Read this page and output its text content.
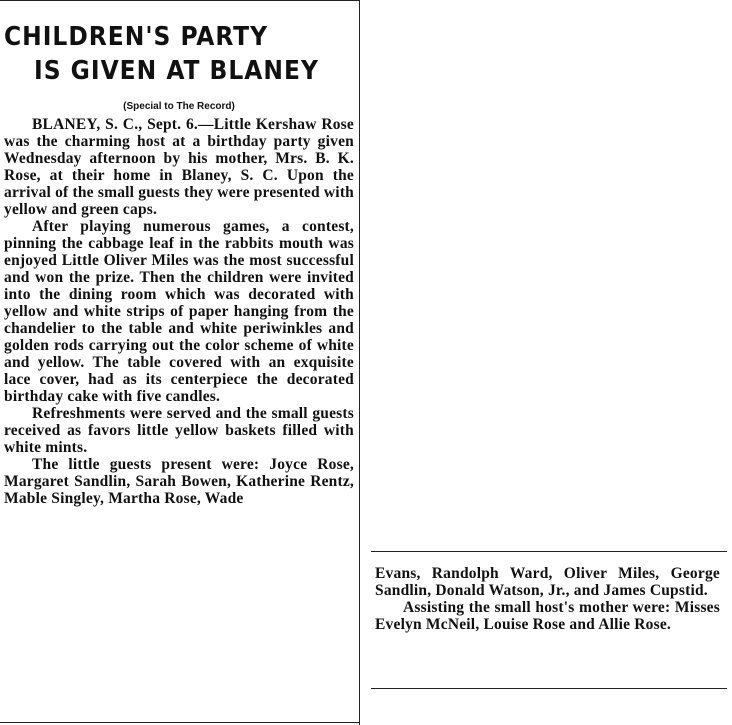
CHILDREN'S PARTY
IS GIVEN AT BLANEY
(Special to The Record)

BLANEY, S. C., Sept. 6.—Little Kershaw Rose was the charming host at a birthday party given Wednesday afternoon by his mother, Mrs. B. K. Rose, at their home in Blaney, S. C. Upon the arrival of the small guests they were presented with yellow and green caps.

After playing numerous games, a contest, pinning the cabbage leaf in the rabbits mouth was enjoyed Little Oliver Miles was the most successful and won the prize. Then the children were invited into the dining room which was decorated with yellow and white strips of paper hanging from the chandelier to the table and white periwinkles and golden rods carrying out the color scheme of white and yellow. The table covered with an exquisite lace cover, had as its centerpiece the decorated birthday cake with five candles.

Refreshments were served and the small guests received as favors little yellow baskets filled with white mints.

The little guests present were: Joyce Rose, Margaret Sandlin, Sarah Bowen, Katherine Rentz, Mable Singley, Martha Rose, Wade

Evans, Randolph Ward, Oliver Miles, George Sandlin, Donald Watson, Jr., and James Cupstid.

Assisting the small host's mother were: Misses Evelyn McNeil, Louise Rose and Allie Rose.
